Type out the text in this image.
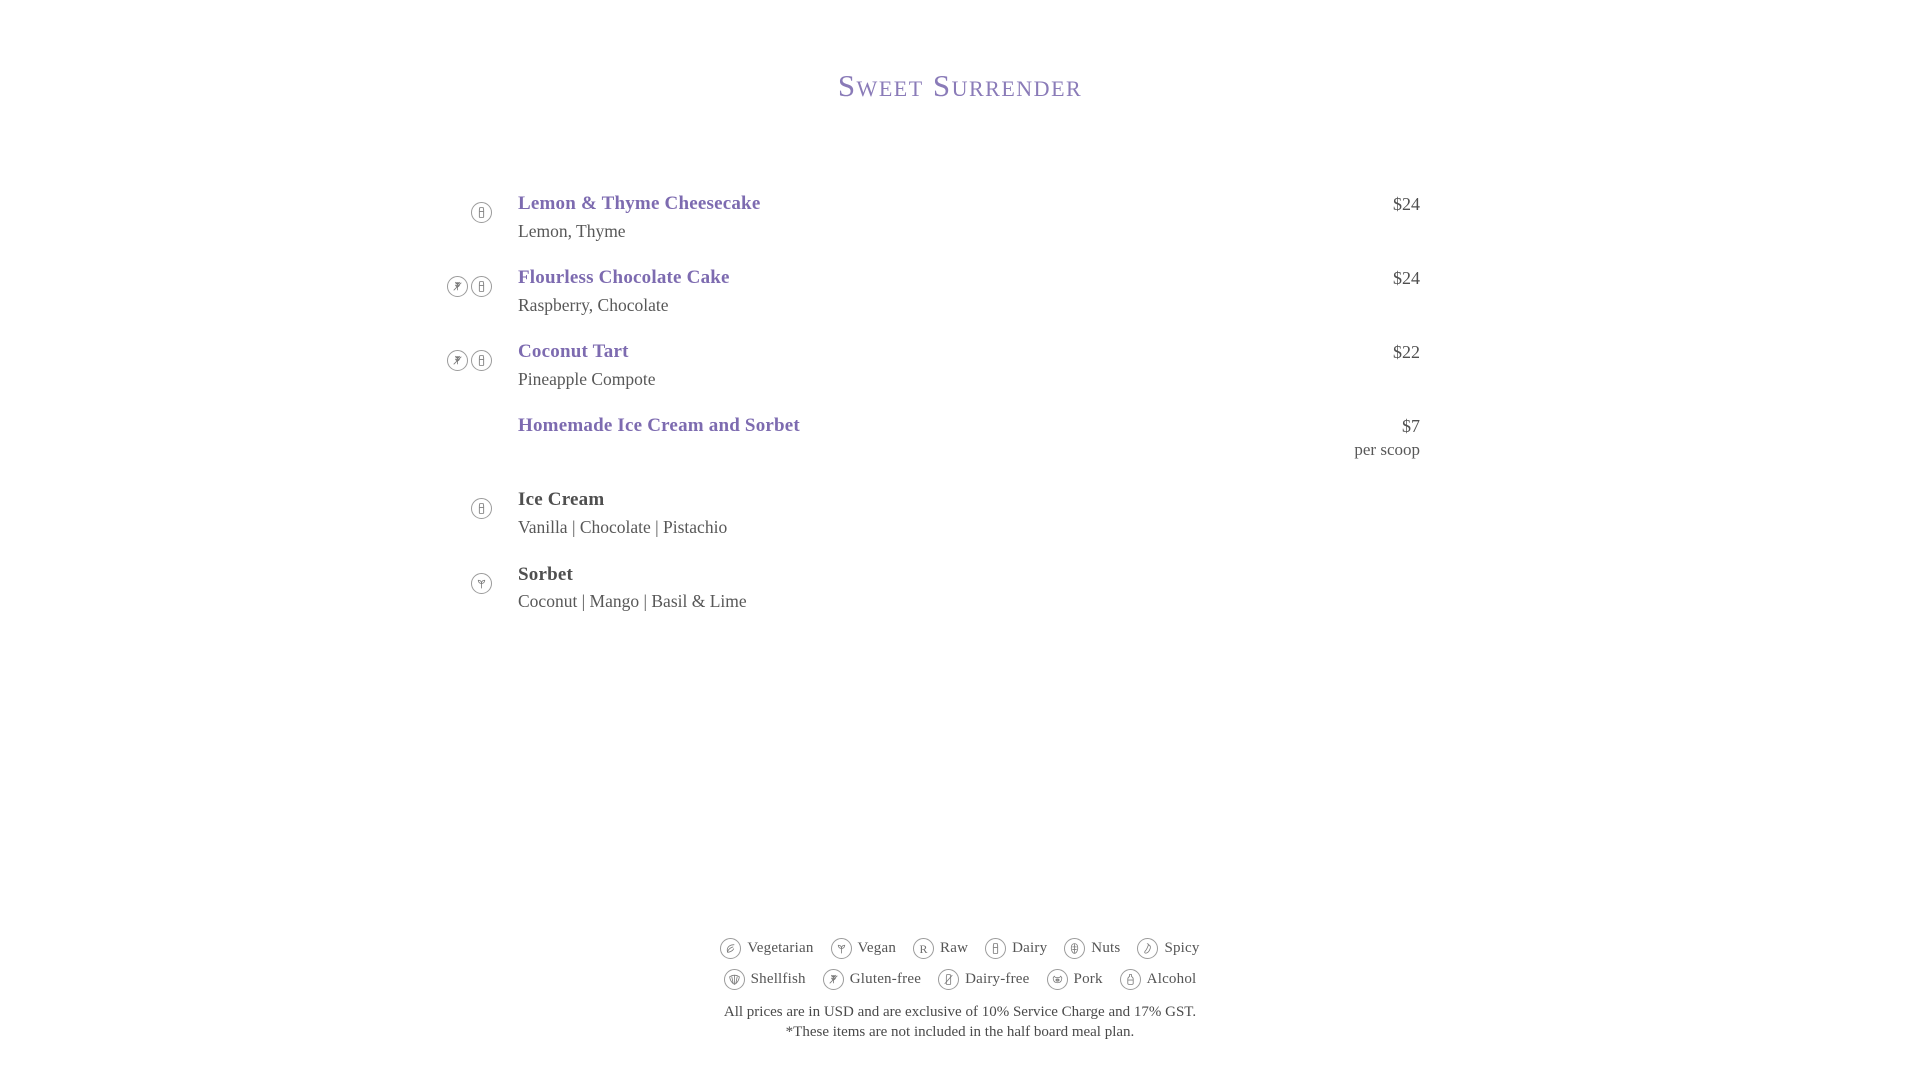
Sweet Surrender
Lemon & Thyme Cheesecake
Lemon, Thyme
$24
Flourless Chocolate Cake
Raspberry, Chocolate
$24
Coconut Tart
Pineapple Compote
$22
Homemade Ice Cream and Sorbet	$7
per scoop
Ice Cream
Vanilla | Chocolate | Pistachio
Sorbet
Coconut | Mango | Basil & Lime
Vegetarian	Vegan R Raw	Dairy	Nuts	Spicy
Shellfish	Gluten-free	Dairy-free	Pork	Alcohol
All prices are in USD and are exclusive of 10% Service Charge and 17% GST.
*These items are not included in the half board meal plan.
